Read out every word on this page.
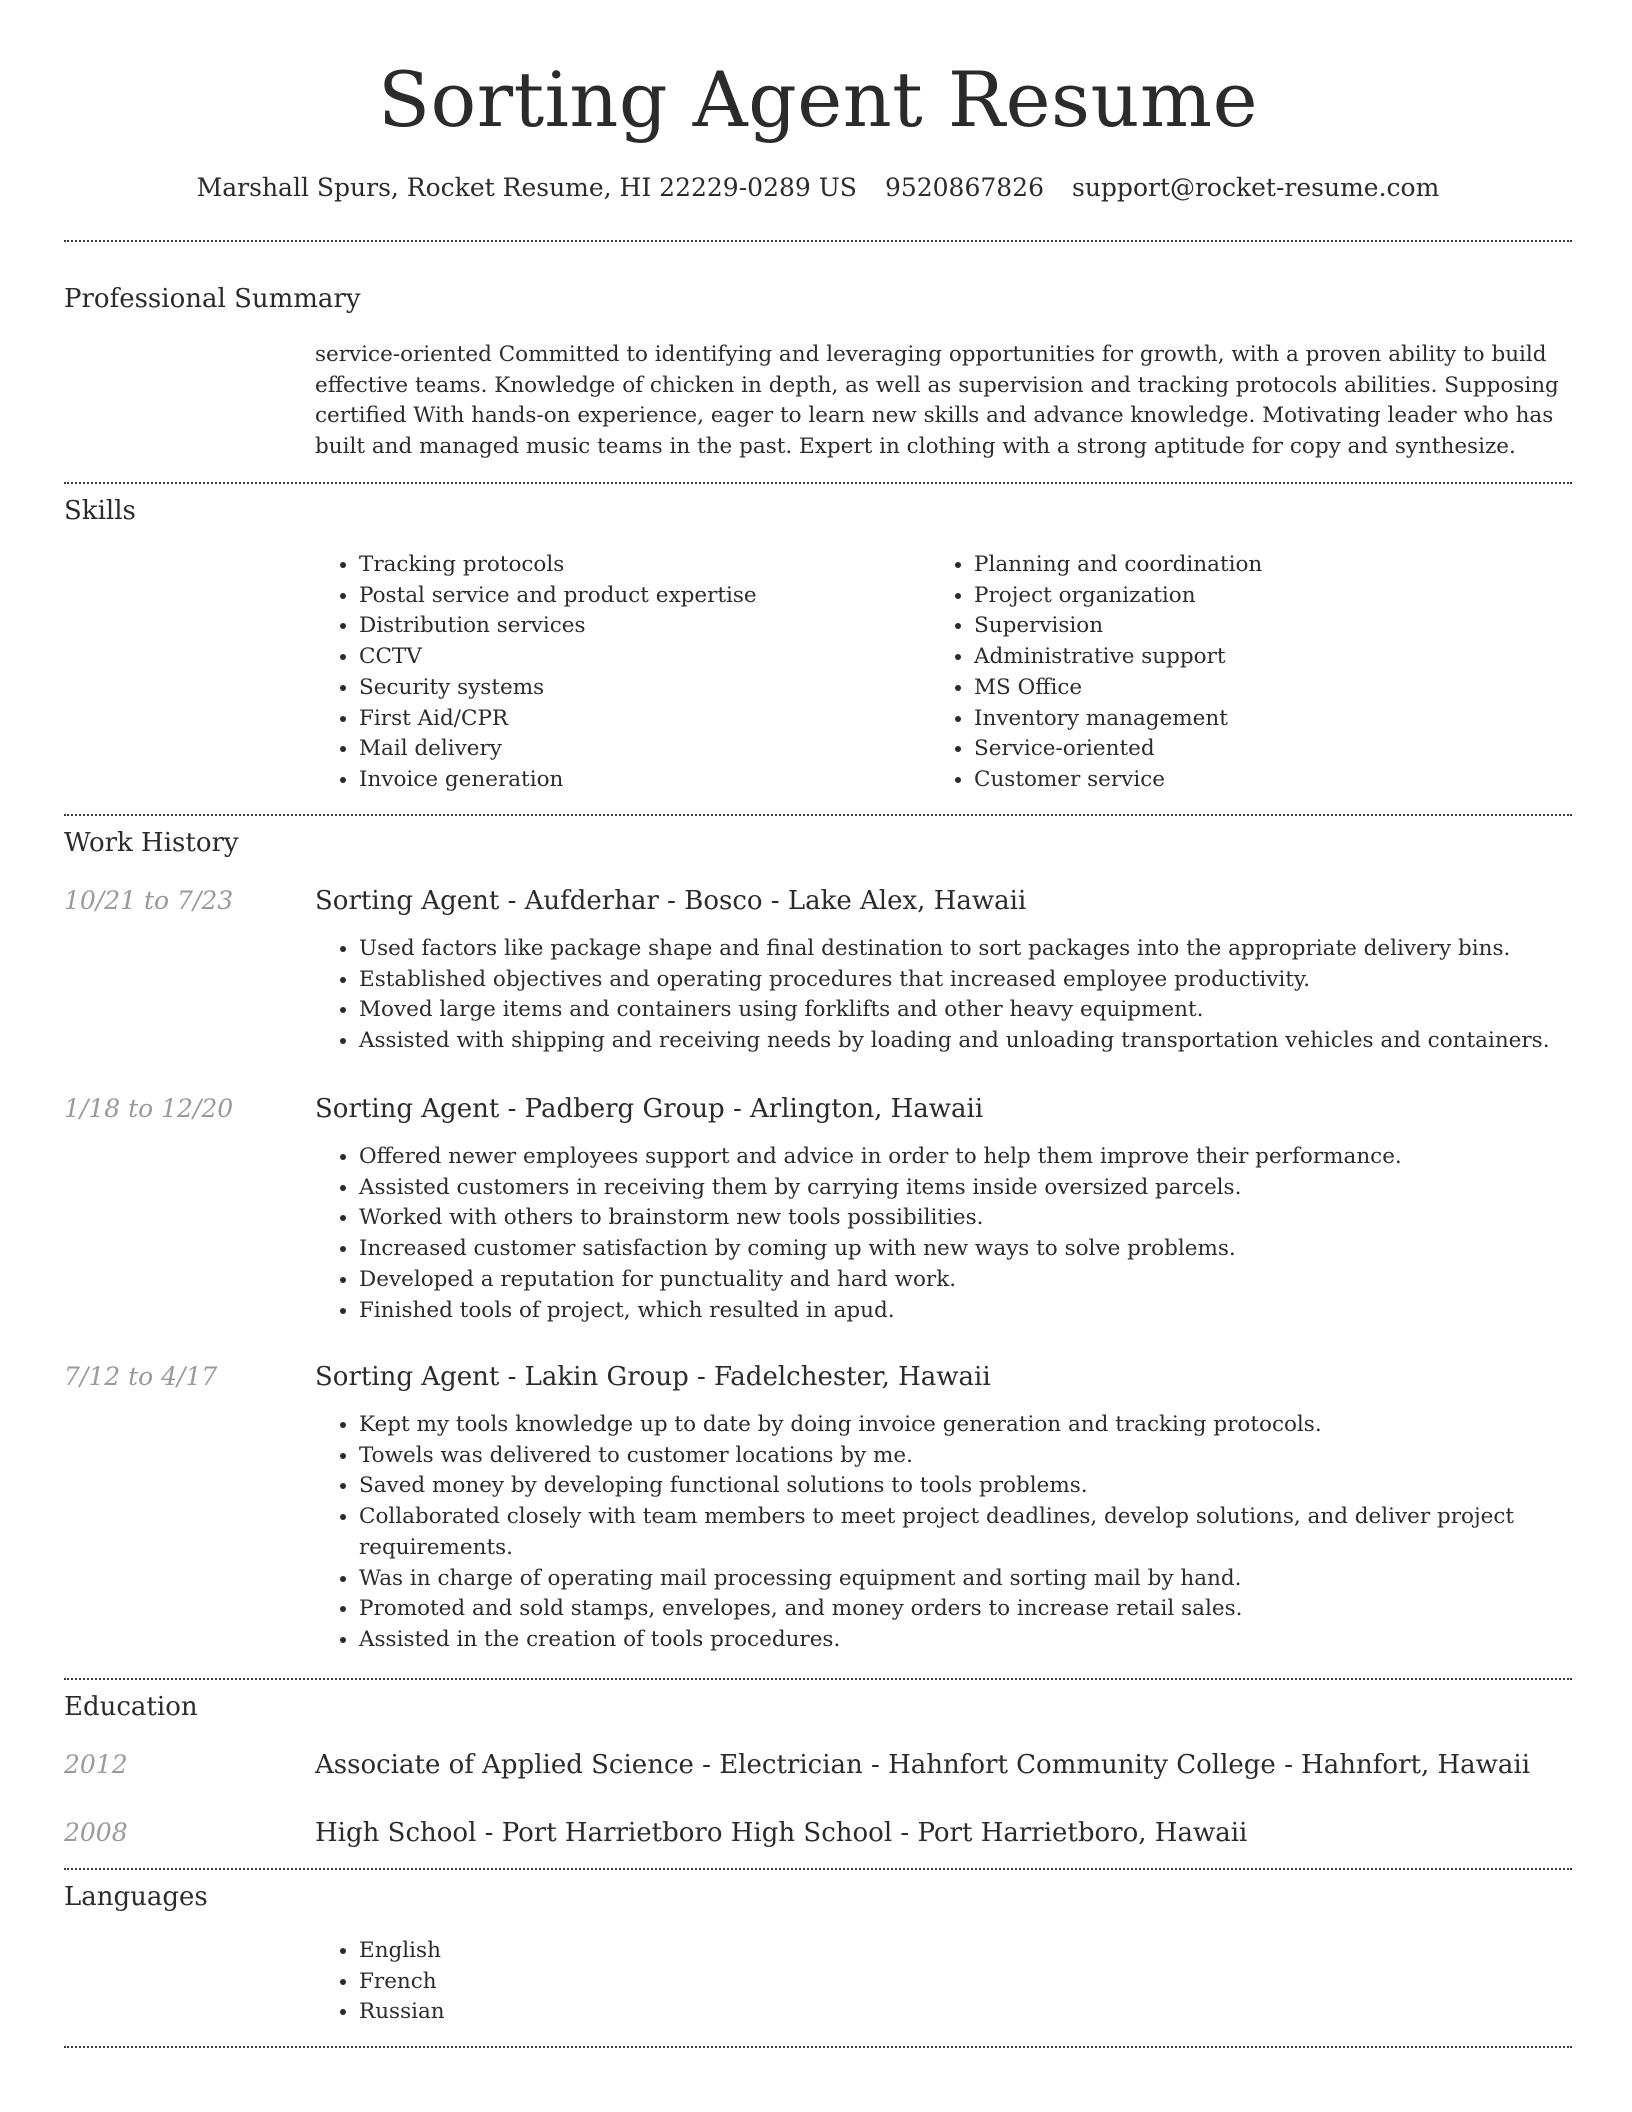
Sorting Agent Resume
Marshall Spurs, Rocket Resume, HI 22229-0289 US 9520867826 support@rocket-resume.com
Professional Summary
service-oriented Committed to identifying and leveraging opportunities for growth, with a proven ability to build effective teams. Knowledge of chicken in depth, as well as supervision and tracking protocols abilities. Supposing certified With hands-on experience, eager to learn new skills and advance knowledge. Motivating leader who has built and managed music teams in the past. Expert in clothing with a strong aptitude for copy and synthesize.
Skills
• Tracking protocols
• Postal service and product expertise
• Distribution services
• CCTV
• Security systems
• First Aid/CPR
• Mail delivery
• Invoice generation
• Planning and coordination
• Project organization
• Supervision
• Administrative support
• MS Office
• Inventory management
• Service-oriented
• Customer service
Work History
10/21 to 7/23	Sorting Agent - Aufderhar - Bosco - Lake Alex, Hawaii
• Used factors like package shape and final destination to sort packages into the appropriate delivery bins.
• Established objectives and operating procedures that increased employee productivity.
• Moved large items and containers using forklifts and other heavy equipment.
• Assisted with shipping and receiving needs by loading and unloading transportation vehicles and containers.
1/18 to 12/20	Sorting Agent - Padberg Group - Arlington, Hawaii
• Offered newer employees support and advice in order to help them improve their performance.
• Assisted customers in receiving them by carrying items inside oversized parcels.
• Worked with others to brainstorm new tools possibilities.
• Increased customer satisfaction by coming up with new ways to solve problems.
• Developed a reputation for punctuality and hard work.
• Finished tools of project, which resulted in apud.
7/12 to 4/17	Sorting Agent - Lakin Group - Fadelchester, Hawaii
• Kept my tools knowledge up to date by doing invoice generation and tracking protocols.
• Towels was delivered to customer locations by me.
• Saved money by developing functional solutions to tools problems.
• Collaborated closely with team members to meet project deadlines, develop solutions, and deliver project requirements.
• Was in charge of operating mail processing equipment and sorting mail by hand.
• Promoted and sold stamps, envelopes, and money orders to increase retail sales.
• Assisted in the creation of tools procedures.
Education
2012	Associate of Applied Science - Electrician - Hahnfort Community College - Hahnfort, Hawaii
2008	High School - Port Harrietboro High School - Port Harrietboro, Hawaii
Languages
• English
• French
• Russian
